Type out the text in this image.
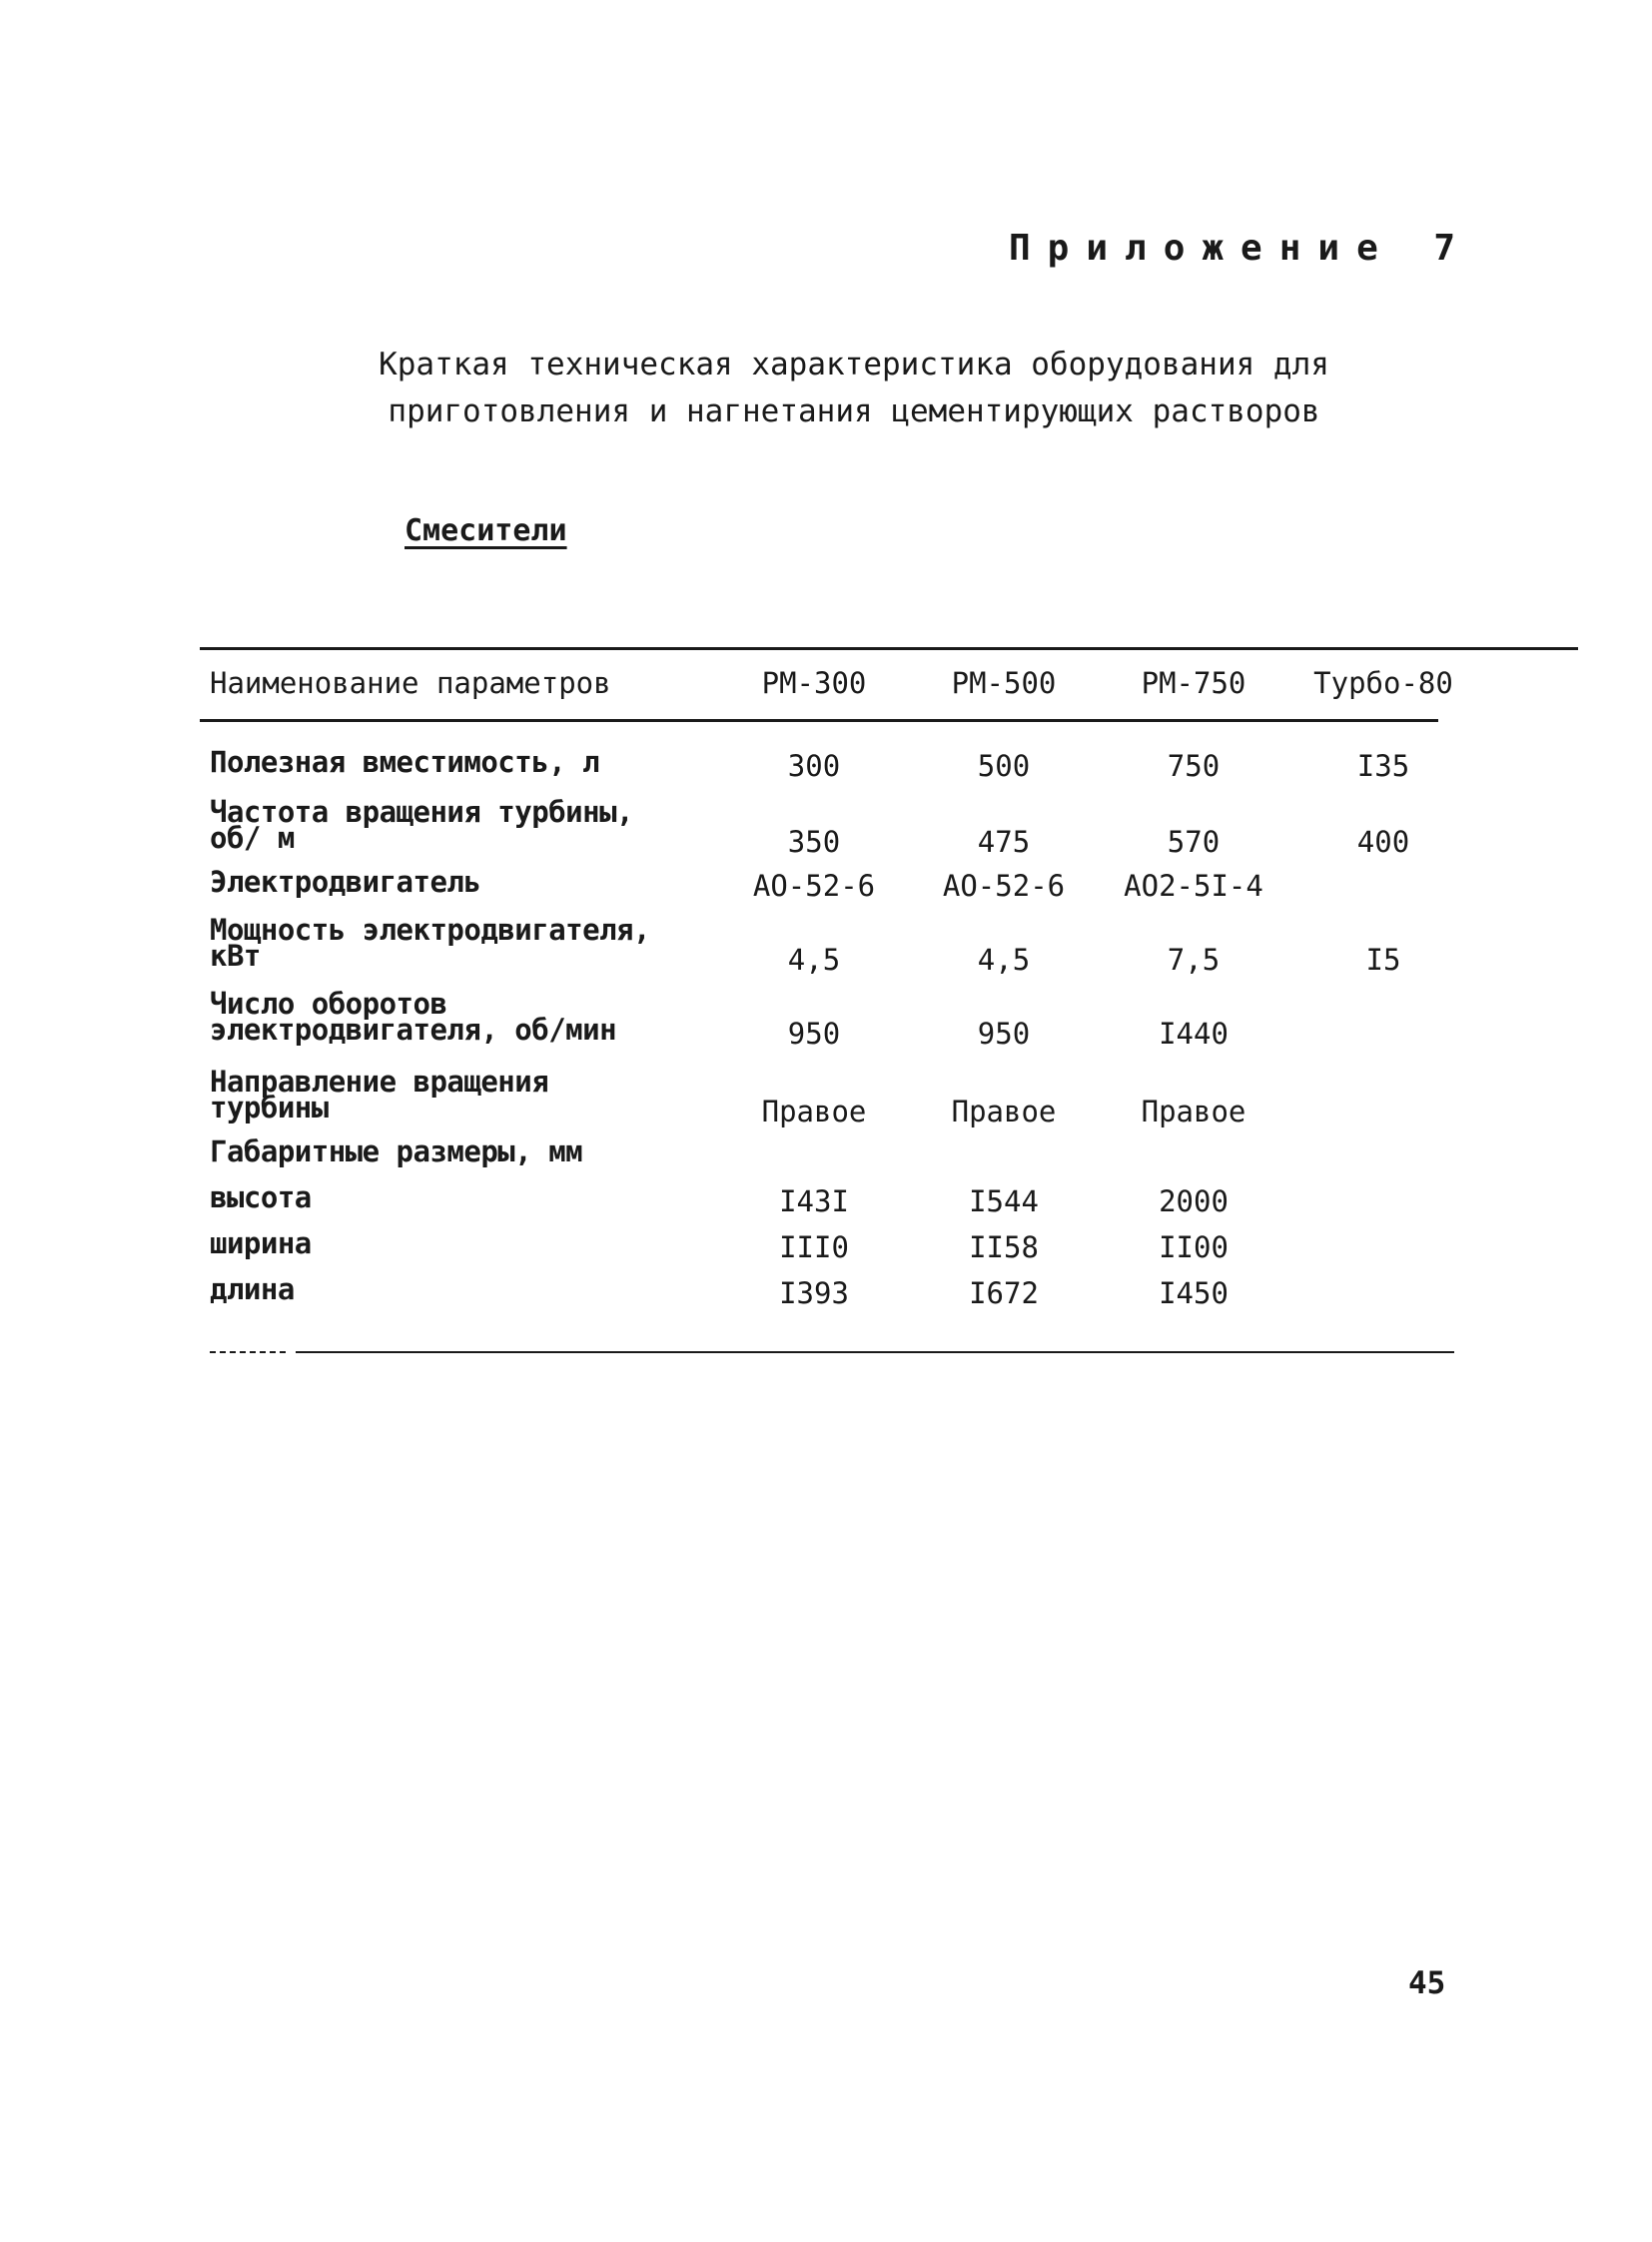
Приложение 7
Краткая техническая характеристика оборудования для
приготовления и нагнетания цементирующих растворов
Смесители
Наименование параметров	РМ-300	РМ-500	РМ-750	Турбо-80
Полезная вместимость, л	300	500	750	I35
Частота вращения турбины, об/ м	350	475	570	400
Электродвигатель	АО-52-6	АО-52-6	АО2-5I-4	
Мощность электродвигателя, кВт	4,5	4,5	7,5	I5
Число оборотов электродвигателя, об/мин	950	950	I440	
Направление вращения турбины	Правое	Правое	Правое	
Габаритные размеры, мм				
высота	I43I	I544	2000	
ширина	III0	II58	II00	
длина	I393	I672	I450	
45
